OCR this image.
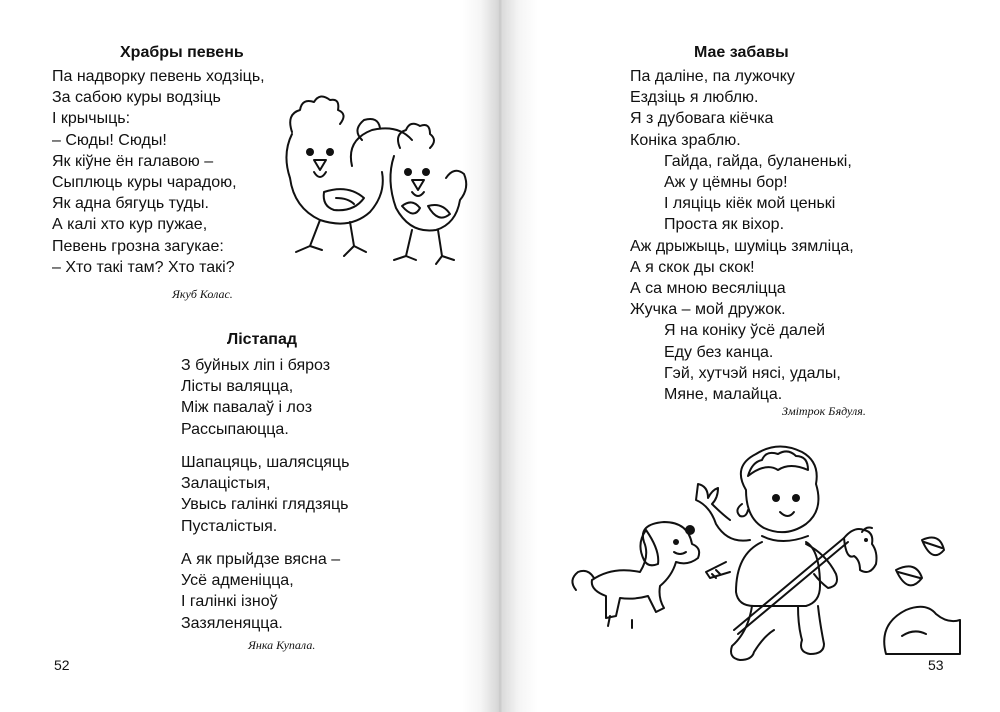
Храбры певень
Па надворку певень ходзіць,
За сабою куры водзіць
І крычыць:
– Сюды! Сюды!
Як кіўне ён галавою –
Сыплюць куры чарадою,
Як адна бягуць туды.
А калі хто кур пужае,
Певень грозна загукае:
– Хто такі там? Хто такі?
Якуб Колас.
Лістапад
З буйных ліп і бяроз
Лісты валяцца,
Між павалаў і лоз
Рассыпаюцца.
Шапацяць, шалясцяць
Залацістыя,
Увысь галінкі глядзяць
Пусталістыя.
А як прыйдзе вясна –
Усё адменіцца,
І галінкі ізноў
Зазяленяцца.
Янка Купала.
52
Мае забавы
Па даліне, па лужочку
Ездзіць я люблю.
Я з дубовага кіёчка
Коніка зраблю.
Гайда, гайда, буланенькі,
Аж у цёмны бор!
І ляціць кіёк мой ценькі
Проста як віхор.
Аж дрыжыць, шуміць зямліца,
А я скок ды скок!
А са мною весяліцца
Жучка – мой дружок.
Я на коніку ўсё далей
Еду без канца.
Гэй, хутчэй нясі, удалы,
Мяне, малайца.
Змітрок Бядуля.
53
